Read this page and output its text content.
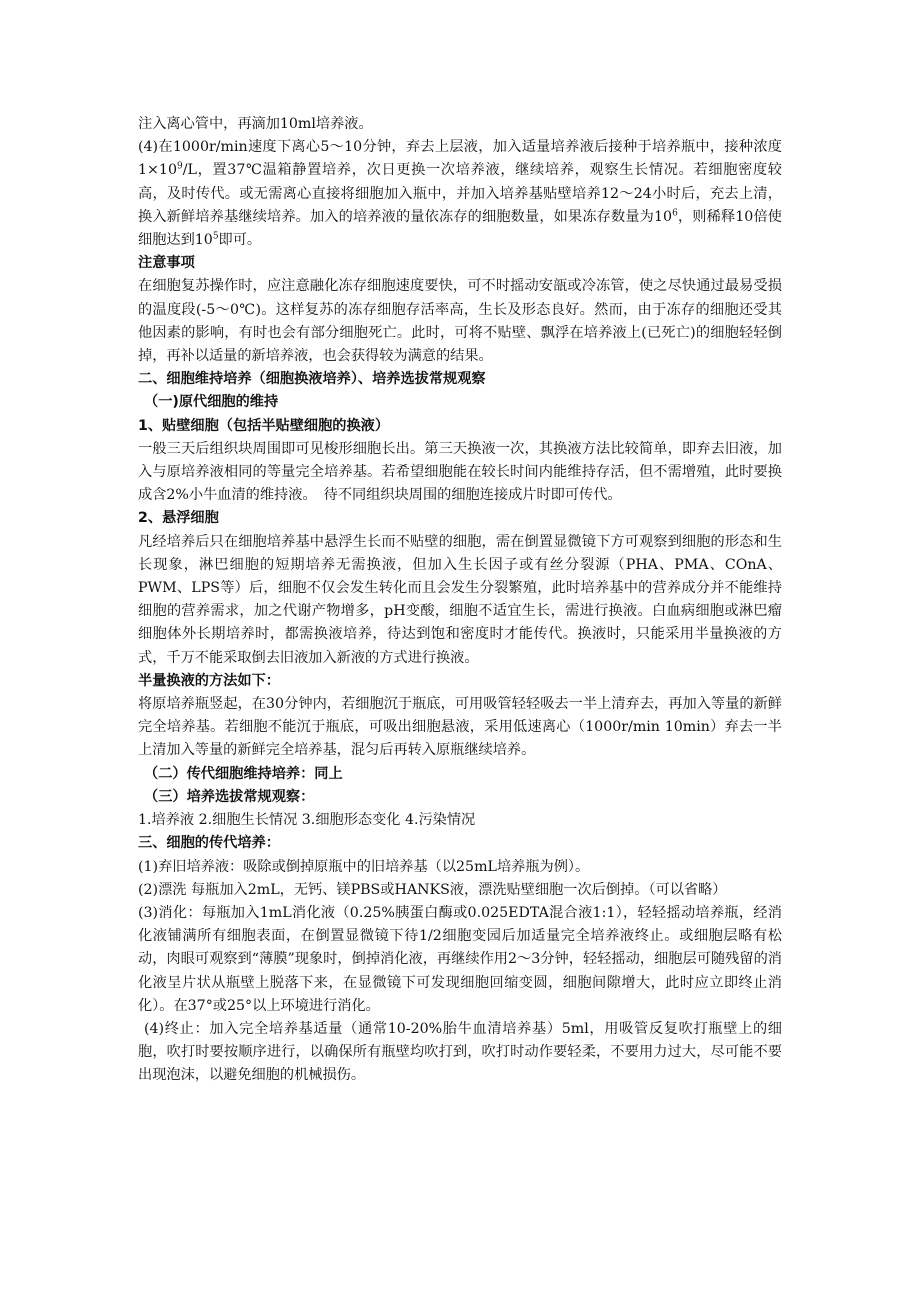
注入离心管中，再滴加10ml培养液。

(4)在1000r/min速度下离心5～10分钟，弃去上层液，加入适量培养液后接种于培养瓶中，接种浓度$1\times 10^9/L$，置37℃温箱静置培养，次日更换一次培养液，继续培养，观察生长情况。若细胞密度较高，及时传代。或无需离心直接将细胞加入瓶中，并加入培养基贴壁培养12～24小时后，充去上清，换入新鲜培养基继续培养。加入的培养液的量依冻存的细胞数量，如果冻存数量为$10^6$，则稀释10倍使细胞达到$10^5$即可。

注意事项

在细胞复苏操作时，应注意融化冻存细胞速度要快，可不时摇动安瓿或冷冻管，使之尽快通过最易受损的温度段(-5～0℃)。这样复苏的冻存细胞存活率高，生长及形态良好。然而，由于冻存的细胞还受其他因素的影响，有时也会有部分细胞死亡。此时，可将不贴壁、飘浮在培养液上(已死亡)的细胞轻轻倒掉，再补以适量的新培养液，也会获得较为满意的结果。

二、细胞维持培养（细胞换液培养）、培养选拔常规观察

（一)原代细胞的维持

1、贴壁细胞（包括半贴壁细胞的换液）

一般三天后组织块周围即可见梭形细胞长出。第三天换液一次，其换液方法比较简单，即弃去旧液，加入与原培养液相同的等量完全培养基。若希望细胞能在较长时间内能维持存活，但不需增殖，此时要换成含2%小牛血清的维持液。　待不同组织块周围的细胞连接成片时即可传代。

2、悬浮细胞

凡经培养后只在细胞培养基中悬浮生长而不贴壁的细胞，需在倒置显微镜下方可观察到细胞的形态和生长现象，淋巴细胞的短期培养无需换液，但加入生长因子或有丝分裂源（PHA、PMA、COnA、PWM、LPS等）后，细胞不仅会发生转化而且会发生分裂繁殖，此时培养基中的营养成分并不能维持细胞的营养需求，加之代谢产物增多，pH变酸，细胞不适宜生长，需进行换液。白血病细胞或淋巴瘤细胞体外长期培养时，都需换液培养，待达到饱和密度时才能传代。换液时，只能采用半量换液的方式，千万不能采取倒去旧液加入新液的方式进行换液。

半量换液的方法如下：

将原培养瓶竖起，在30分钟内，若细胞沉于瓶底，可用吸管轻轻吸去一半上清弃去，再加入等量的新鲜完全培养基。若细胞不能沉于瓶底，可吸出细胞悬液，采用低速离心（1000r/min 10min）弃去一半上清加入等量的新鲜完全培养基，混匀后再转入原瓶继续培养。

（二）传代细胞维持培养：同上

（三）培养选拔常规观察：

1.培养液 2.细胞生长情况 3.细胞形态变化 4.污染情况

三、细胞的传代培养：

(1)弃旧培养液：吸除或倒掉原瓶中的旧培养基（以25mL培养瓶为例）。

(2)漂洗 每瓶加入2mL，无钙、镁PBS或HANKS液，漂洗贴壁细胞一次后倒掉。（可以省略）

(3)消化：每瓶加入1mL消化液（0.25%胰蛋白酶或0.025EDTA混合液1:1），轻轻摇动培养瓶，经消化液铺满所有细胞表面，在倒置显微镜下待1/2细胞变园后加适量完全培养液终止。或细胞层略有松动，肉眼可观察到“薄膜”现象时，倒掉消化液，再继续作用2～3分钟，轻轻摇动，细胞层可随残留的消化液呈片状从瓶壁上脱落下来，在显微镜下可发现细胞回缩变圆，细胞间隙增大，此时应立即终止消化）。在37°或25°以上环境进行消化。

(4)终止：加入完全培养基适量（通常10-20%胎牛血清培养基）5ml，用吸管反复吹打瓶壁上的细胞，吹打时要按顺序进行，以确保所有瓶壁均吹打到，吹打时动作要轻柔，不要用力过大，尽可能不要出现泡沫，以避免细胞的机械损伤。
